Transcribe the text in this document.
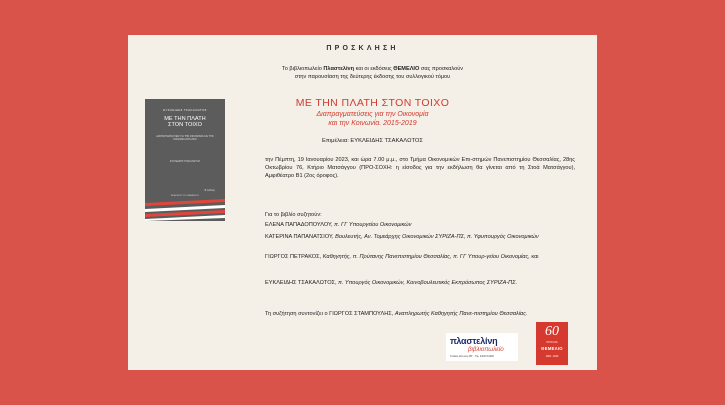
ΠΡΟΣΚΛΗΣΗ
Το βιβλιοπωλείο Πλαστελίνη και οι εκδόσεις ΘΕΜΕΛΙΟ σας προσκαλούν
στην παρουσίαση της δεύτερης έκδοσης του συλλογικού τόμου
ΜΕ ΤΗΝ ΠΛΑΤΗ ΣΤΟΝ ΤΟΙΧΟ
Διαπραγματεύσεις για την Οικονομία
και την Κοινωνία. 2015-2019
Επιμέλεια: ΕΥΚΛΕΙΔΗΣ ΤΣΑΚΑΛΩΤΟΣ
την Πέμπτη, 19 Ιανουαρίου 2023, και ώρα 7.00 μ.μ., στο Τμήμα Οικονομικών Επι-στημών Πανεπιστημίου Θεσσαλίας, 28ης Οκτωβρίου 76, Κτήριο Ματσάγγου (ΠΡΟ-ΣΟΧΗ: η είσοδος για την εκδήλωση θα γίνεται από τη Στοά Ματσάγγου), Αμφιθέατρο Β1 (2ος όροφος).
Για το βιβλίο συζητούν:
ΕΛΕΝΑ ΠΑΠΑΔΟΠΟΥΛΟΥ, π. ΓΓ Υπουργείου Οικονομικών
ΚΑΤΕΡΙΝΑ ΠΑΠΑΝΑΤΣΙΟΥ, Βουλευτής, Αν. Τομεάρχης Οικονομικών ΣΥΡΙΖΑ-ΠΣ, π. Υφυπουργός Οικονομικών
ΓΙΩΡΓΟΣ ΠΕΤΡΑΚΟΣ, Καθηγητής, π. Πρύτανης Πανεπιστημίου Θεσσαλίας, π. ΓΓ Υπουρ-γείου Οικονομίας, και
ΕΥΚΛΕΙΔΗΣ ΤΣΑΚΑΛΩΤΟΣ, π. Υπουργός Οικονομικών, Κοινοβουλευτικός Εκπρόσωπος ΣΥΡΙΖΑ-ΠΣ.
Τη συζήτηση συντονίζει ο ΓΙΩΡΓΟΣ ΣΤΑΜΠΟΥΛΗΣ, Αναπληρωτής Καθηγητής Πανε-πιστημίου Θεσσαλίας.
ΕΥΚΛΕΙΔΗΣ ΤΣΑΚΑΛΩΤΟΣ
ΜΕ ΤΗΝ ΠΛΑΤΗ
ΣΤΟΝ ΤΟΙΧΟ
ΔΙΑΠΡΑΓΜΑΤΕΥΣΕΙΣ ΓΙΑ ΤΗΝ ΟΙΚΟΝΟΜΙΑ ΚΑΙ ΤΗΝ ΚΟΙΝΩΝΙΑ 2015-2019
ΕΥΚΛΕΙΔΗΣ ΤΣΑΚΑΛΩΤΟΣ
Β' έκδοση
ΕΚΔΟΣΕΙΣ ΤΟΥ ΘΕΜΕΛΙΟΥ
πλαστελίνη
βιβλιοπωλείο
Γαλλίας-Ιάσωνος 26Γ · Τηλ. 24210 61030
60
ΧΡΟΝΙΑ
ΘΕΜΕΛΙΟ
1963 - 2023
